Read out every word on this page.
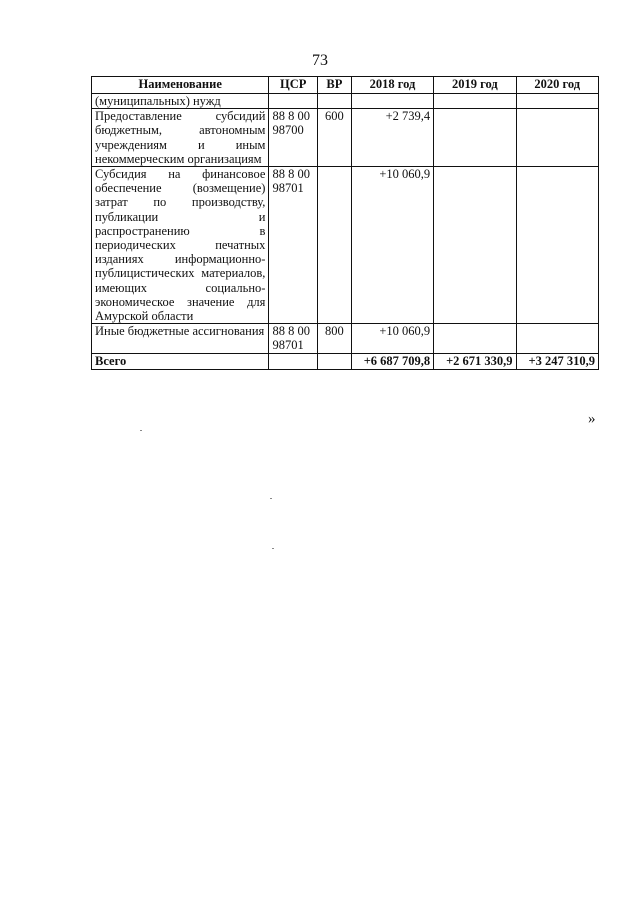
73
Наименование	ЦСР	ВР	2018 год	2019 год	2020 год
(муниципальных) нужд					
Предоставление субсидий бюджетным, автономным учреждениям и иным некоммерческим организациям	88 8 00 98700	600	+2 739,4		
Субсидия на финансовое обеспечение (возмещение) затрат по производству, публикации и распространению в периодических печатных изданиях информационно-публицистических материалов, имеющих социально-экономическое значение для Амурской области	88 8 00 98701		+10 060,9		
Иные бюджетные ассигнования	88 8 00 98701	800	+10 060,9		
Всего			+6 687 709,8	+2 671 330,9	+3 247 310,9
»
